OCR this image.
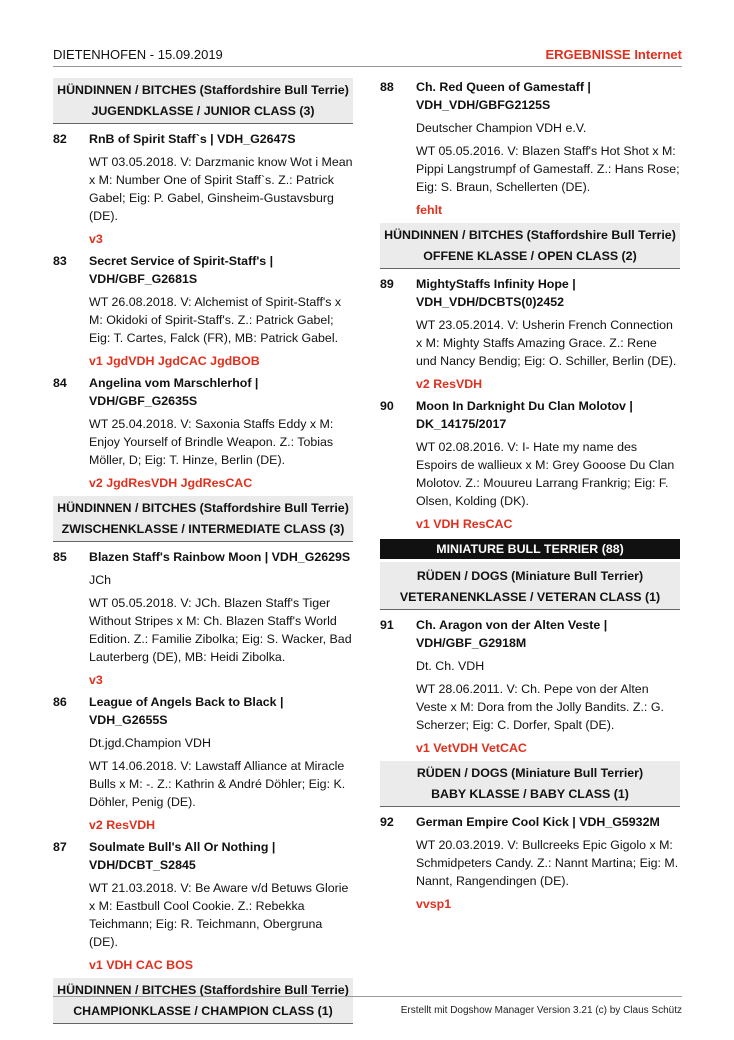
DIETENHOFEN - 15.09.2019	ERGEBNISSE Internet
HÜNDINNEN / BITCHES (Staffordshire Bull Terrie)
JUGENDKLASSE / JUNIOR CLASS (3)
82 RnB of Spirit Staff`s | VDH_G2647S
WT 03.05.2018. V: Darzmanic know Wot i Mean x M: Number One of Spirit Staff`s. Z.: Patrick Gabel; Eig: P. Gabel, Ginsheim-Gustavsburg (DE).
v3
83 Secret Service of Spirit-Staff's | VDH/GBF_G2681S
WT 26.08.2018. V: Alchemist of Spirit-Staff's x M: Okidoki of Spirit-Staff's. Z.: Patrick Gabel; Eig: T. Cartes, Falck (FR), MB: Patrick Gabel.
v1 JgdVDH JgdCAC JgdBOB
84 Angelina vom Marschlerhof | VDH/GBF_G2635S
WT 25.04.2018. V: Saxonia Staffs Eddy x M: Enjoy Yourself of Brindle Weapon. Z.: Tobias Möller, D; Eig: T. Hinze, Berlin (DE).
v2 JgdResVDH JgdResCAC
HÜNDINNEN / BITCHES (Staffordshire Bull Terrie)
ZWISCHENKLASSE / INTERMEDIATE CLASS (3)
85 Blazen Staff's Rainbow Moon | VDH_G2629S
JCh
WT 05.05.2018. V: JCh. Blazen Staff's Tiger Without Stripes x M: Ch. Blazen Staff's World Edition. Z.: Familie Zibolka; Eig: S. Wacker, Bad Lauterberg (DE), MB: Heidi Zibolka.
v3
86 League of Angels Back to Black | VDH_G2655S
Dt.jgd.Champion VDH
WT 14.06.2018. V: Lawstaff Alliance at Miracle Bulls x M: -. Z.: Kathrin & André Döhler; Eig: K. Döhler, Penig (DE).
v2 ResVDH
87 Soulmate Bull's All Or Nothing | VDH/DCBT_S2845
WT 21.03.2018. V: Be Aware v/d Betuws Glorie x M: Eastbull Cool Cookie. Z.: Rebekka Teichmann; Eig: R. Teichmann, Obergruna (DE).
v1 VDH CAC BOS
HÜNDINNEN / BITCHES (Staffordshire Bull Terrie)
CHAMPIONKLASSE / CHAMPION CLASS (1)
88 Ch. Red Queen of Gamestaff | VDH_VDH/GBFG2125S
Deutscher Champion VDH e.V.
WT 05.05.2016. V: Blazen Staff's Hot Shot x M: Pippi Langstrumpf of Gamestaff. Z.: Hans Rose; Eig: S. Braun, Schellerten (DE).
fehlt
HÜNDINNEN / BITCHES (Staffordshire Bull Terrie)
OFFENE KLASSE / OPEN CLASS (2)
89 MightyStaffs Infinity Hope | VDH_VDH/DCBTS(0)2452
WT 23.05.2014. V: Usherin French Connection x M: Mighty Staffs Amazing Grace. Z.: Rene und Nancy Bendig; Eig: O. Schiller, Berlin (DE).
v2 ResVDH
90 Moon In Darknight Du Clan Molotov | DK_14175/2017
WT 02.08.2016. V: I- Hate my name des Espoirs de wallieux x M: Grey Gooose Du Clan Molotov. Z.: Mouureu Larrang Frankrig; Eig: F. Olsen, Kolding (DK).
v1 VDH ResCAC
MINIATURE BULL TERRIER (88)
RÜDEN / DOGS (Miniature Bull Terrier)
VETERANENKLASSE / VETERAN CLASS (1)
91 Ch. Aragon von der Alten Veste | VDH/GBF_G2918M
Dt. Ch. VDH
WT 28.06.2011. V: Ch. Pepe von der Alten Veste x M: Dora from the Jolly Bandits. Z.: G. Scherzer; Eig: C. Dorfer, Spalt (DE).
v1 VetVDH VetCAC
RÜDEN / DOGS (Miniature Bull Terrier)
BABY KLASSE / BABY CLASS (1)
92 German Empire Cool Kick | VDH_G5932M
WT 20.03.2019. V: Bullcreeks Epic Gigolo x M: Schmidpeters Candy. Z.: Nannt Martina; Eig: M. Nannt, Rangendingen (DE).
vvsp1
Erstellt mit Dogshow Manager Version 3.21 (c) by Claus Schütz
